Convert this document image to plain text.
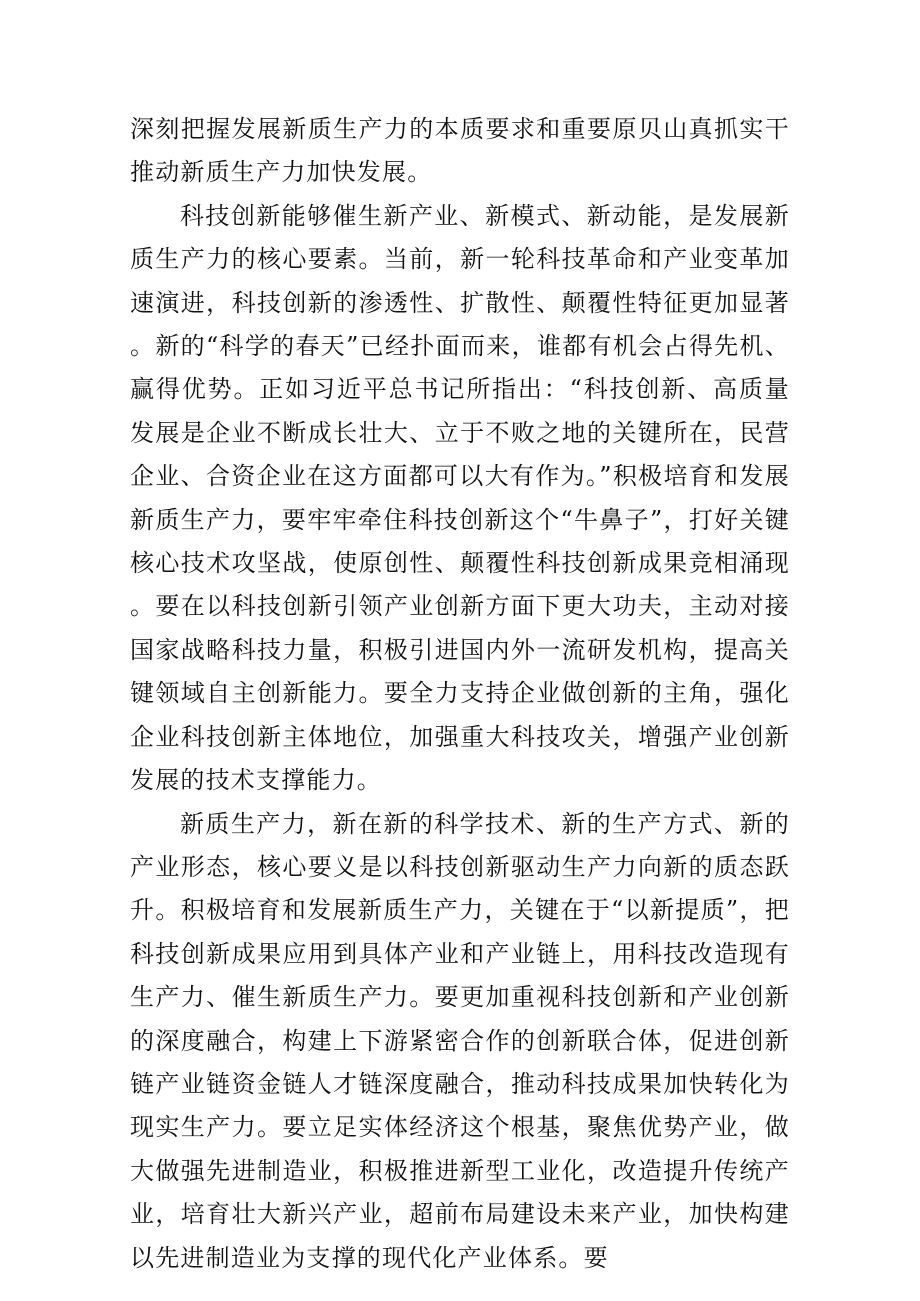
深刻把握发展新质生产力的本质要求和重要原贝山真抓实干推动新质生产力加快发展。

科技创新能够催生新产业、新模式、新动能，是发展新质生产力的核心要素。当前，新一轮科技革命和产业变革加速演进，科技创新的渗透性、扩散性、颠覆性特征更加显著。新的“科学的春天”已经扑面而来，谁都有机会占得先机、赢得优势。正如习近平总书记所指出：“科技创新、高质量发展是企业不断成长壮大、立于不败之地的关键所在，民营企业、合资企业在这方面都可以大有作为。”积极培育和发展新质生产力，要牢牢牵住科技创新这个“牛鼻子”，打好关键核心技术攻坚战，使原创性、颠覆性科技创新成果竞相涌现。要在以科技创新引领产业创新方面下更大功夫，主动对接国家战略科技力量，积极引进国内外一流研发机构，提高关键领域自主创新能力。要全力支持企业做创新的主角，强化企业科技创新主体地位，加强重大科技攻关，增强产业创新发展的技术支撑能力。

新质生产力，新在新的科学技术、新的生产方式、新的产业形态，核心要义是以科技创新驱动生产力向新的质态跃升。积极培育和发展新质生产力，关键在于“以新提质”，把科技创新成果应用到具体产业和产业链上，用科技改造现有生产力、催生新质生产力。要更加重视科技创新和产业创新的深度融合，构建上下游紧密合作的创新联合体，促进创新链产业链资金链人才链深度融合，推动科技成果加快转化为现实生产力。要立足实体经济这个根基，聚焦优势产业，做大做强先进制造业，积极推进新型工业化，改造提升传统产业，培育壮大新兴产业，超前布局建设未来产业，加快构建以先进制造业为支撑的现代化产业体系。要
